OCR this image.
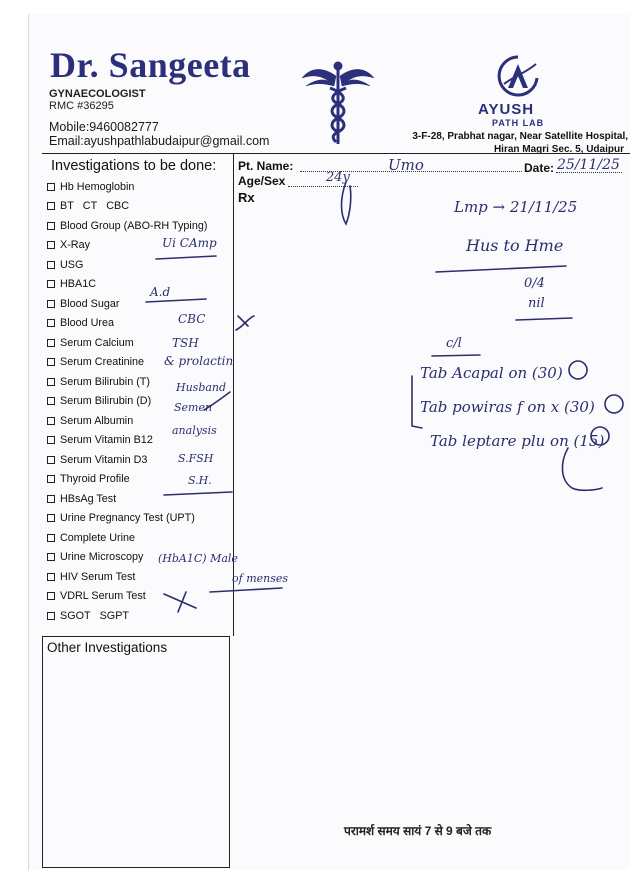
Dr. Sangeeta
GYNAECOLOGIST
RMC #36295
Mobile:9460082777
Email:ayushpathlabudaipur@gmail.com
AYUSH
PATH LAB
3-F-28, Prabhat nagar, Near Satellite Hospital,
Hiran Magri Sec. 5, Udaipur
Investigations to be done:
Hb Hemoglobin
BT CT CBC
Blood Group (ABO-RH Typing)
X-Ray
USG
HBA1C
Blood Sugar
Blood Urea
Serum Calcium
Serum Creatinine
Serum Bilirubin (T)
Serum Bilirubin (D)
Serum Albumin
Serum Vitamin B12
Serum Vitamin D3
Thyroid Profile
HBsAg Test
Urine Pregnancy Test (UPT)
Complete Urine
Urine Microscopy
HIV Serum Test
VDRL Serum Test
SGOT SGPT
Other Investigations
Pt. Name:	Date:
Age/Sex
Rx
Umo	25/11/25
24y
Ui CAmp
A.d
CBC
TSH
& prolactin
Husband
Semen
analysis
S.FSH
S.H.
(HbA1C) Male
of menses
Lmp → 21/11/25
Hus to Hme
0/4
nil
c/l
Tab Acapal on (30)
Tab powiras f on x (30)
Tab leptare plu on (15)
परामर्श समय सायं 7 से 9 बजे तक
